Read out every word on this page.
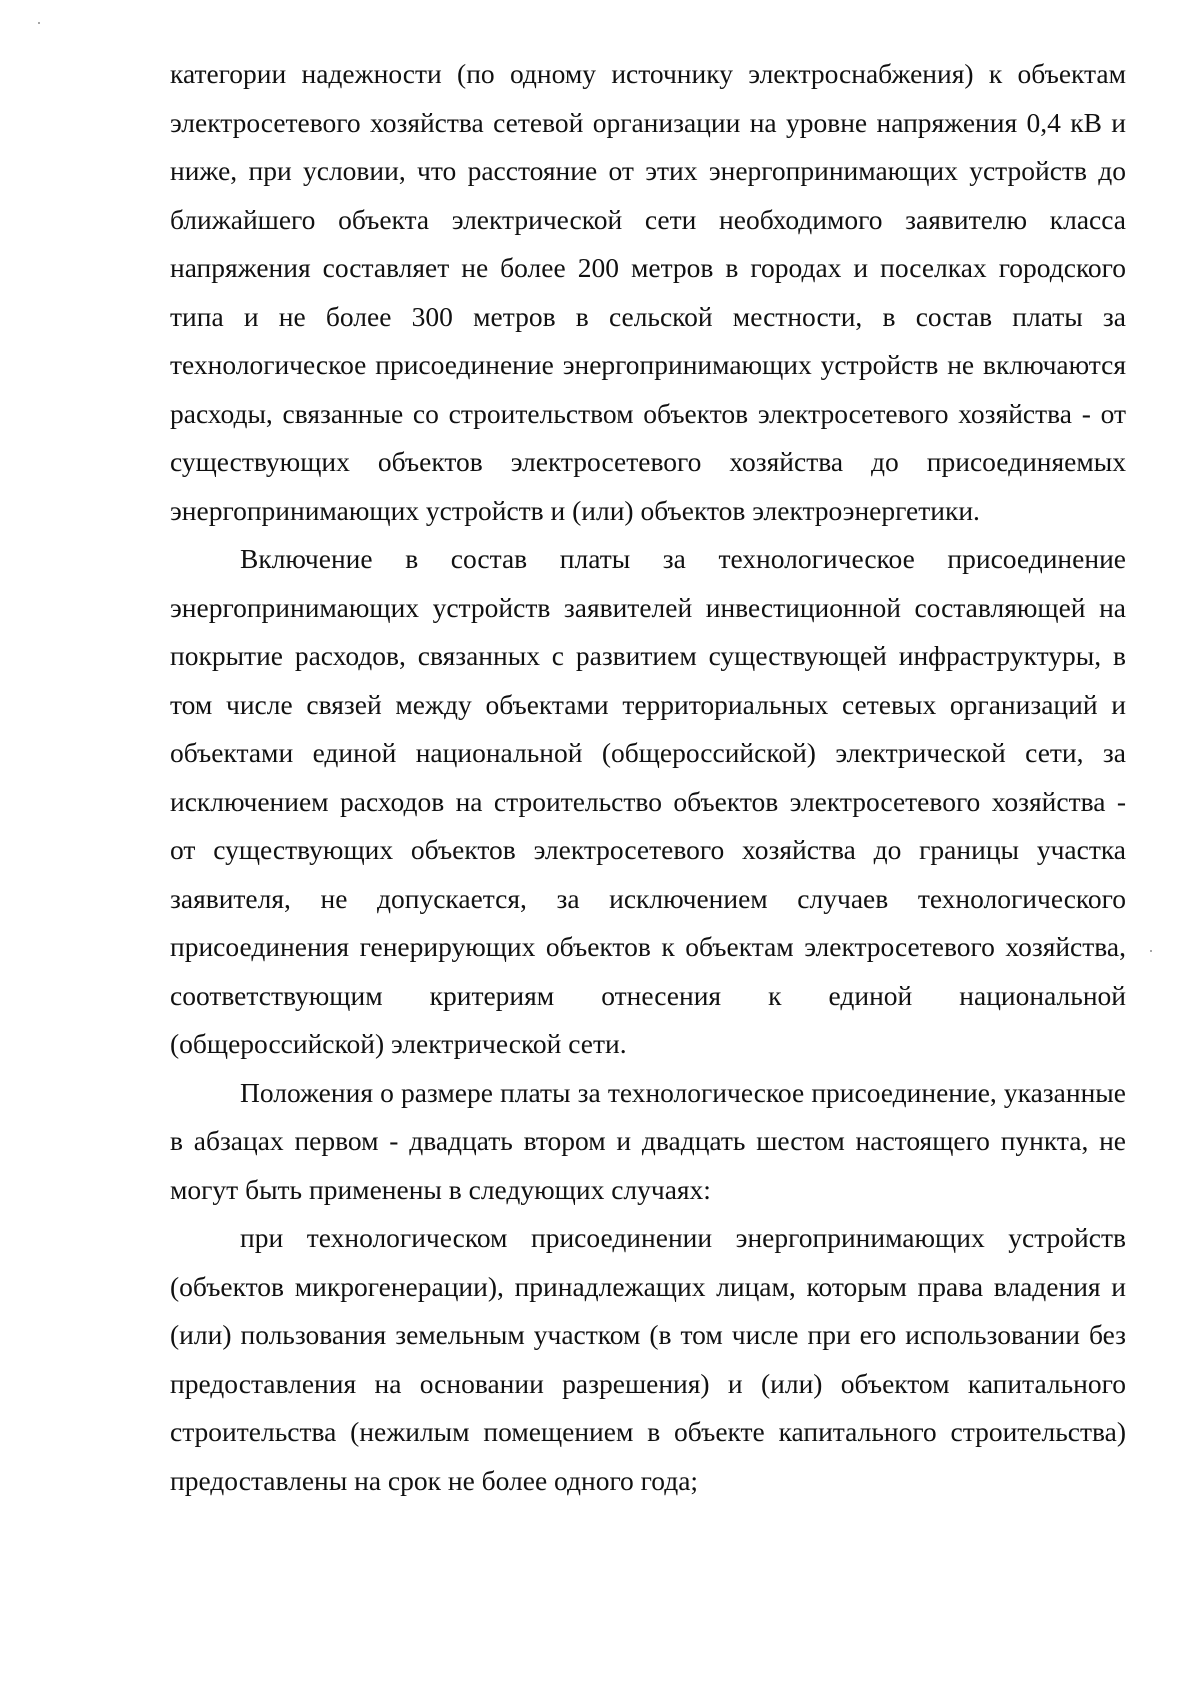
категории надежности (по одному источнику электроснабжения) к объектам электросетевого хозяйства сетевой организации на уровне напряжения 0,4 кВ и ниже, при условии, что расстояние от этих энергопринимающих устройств до ближайшего объекта электрической сети необходимого заявителю класса напряжения составляет не более 200 метров в городах и поселках городского типа и не более 300 метров в сельской местности, в состав платы за технологическое присоединение энергопринимающих устройств не включаются расходы, связанные со строительством объектов электросетевого хозяйства - от существующих объектов электросетевого хозяйства до присоединяемых энергопринимающих устройств и (или) объектов электроэнергетики.

Включение в состав платы за технологическое присоединение энергопринимающих устройств заявителей инвестиционной составляющей на покрытие расходов, связанных с развитием существующей инфраструктуры, в том числе связей между объектами территориальных сетевых организаций и объектами единой национальной (общероссийской) электрической сети, за исключением расходов на строительство объектов электросетевого хозяйства - от существующих объектов электросетевого хозяйства до границы участка заявителя, не допускается, за исключением случаев технологического присоединения генерирующих объектов к объектам электросетевого хозяйства, соответствующим критериям отнесения к единой национальной (общероссийской) электрической сети.

Положения о размере платы за технологическое присоединение, указанные в абзацах первом - двадцать втором и двадцать шестом настоящего пункта, не могут быть применены в следующих случаях:

при технологическом присоединении энергопринимающих устройств (объектов микрогенерации), принадлежащих лицам, которым права владения и (или) пользования земельным участком (в том числе при его использовании без предоставления на основании разрешения) и (или) объектом капитального строительства (нежилым помещением в объекте капитального строительства) предоставлены на срок не более одного года;
